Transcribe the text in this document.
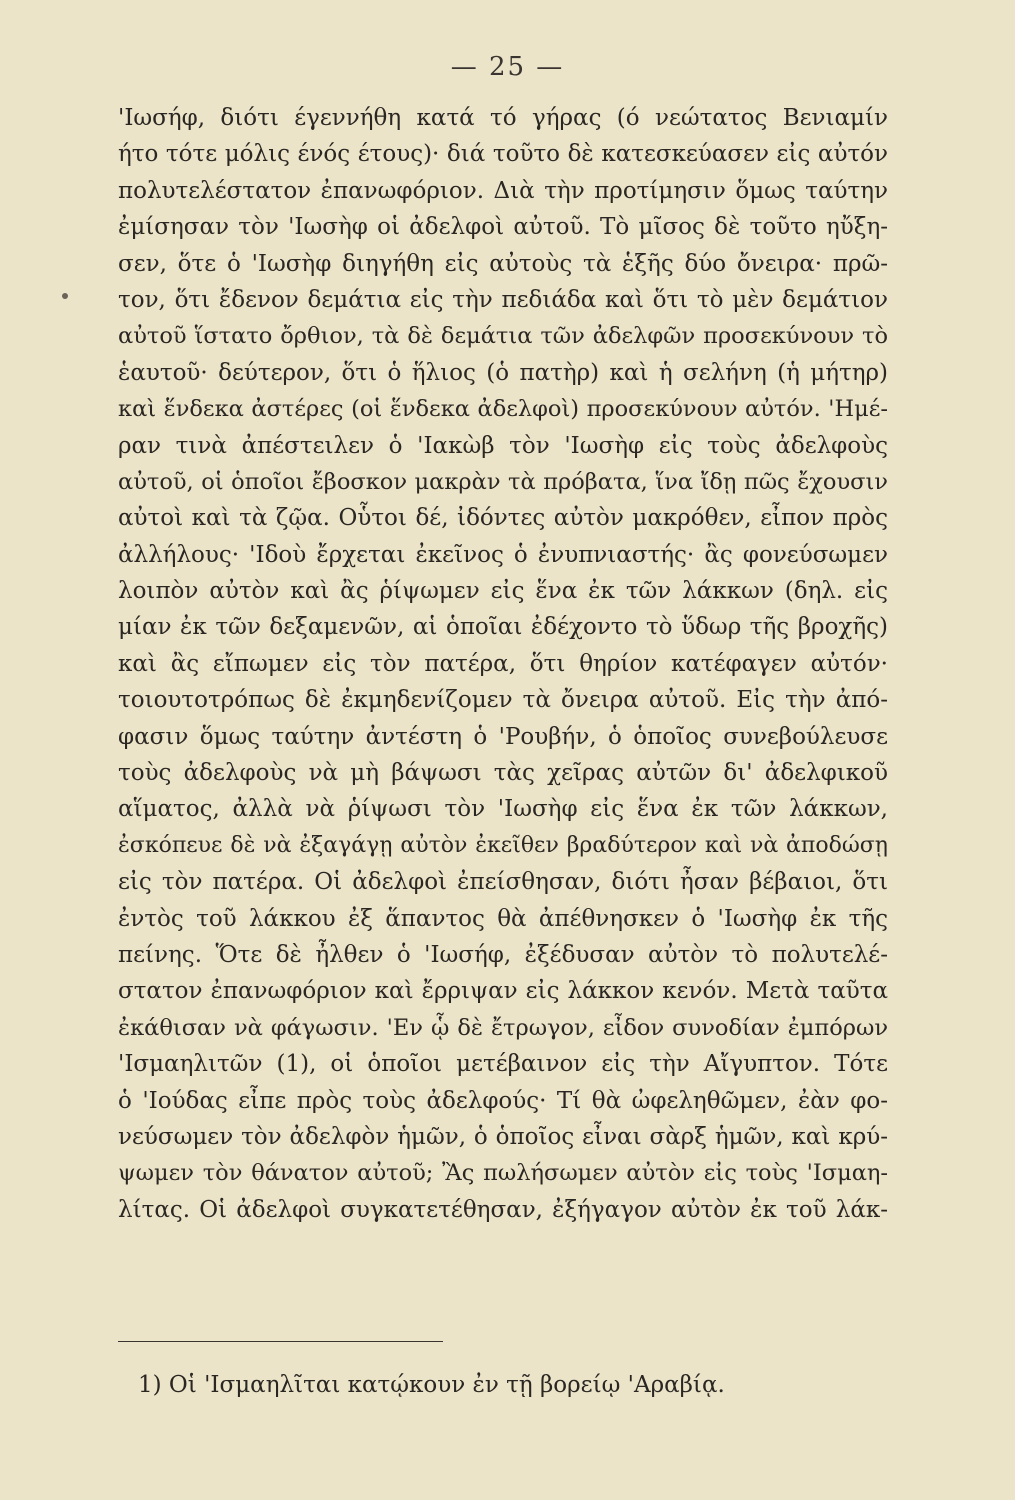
— 25 —
'Ιωσήφ, διότι έγεννήθη κατά τό γήρας (ό νεώτατος Βενιαμίν
ήτο τότε μόλις ένός έτους)· διά τοῦτο δὲ κατεσκεύασεν εἰς αὐτόν
πολυτελέστατον ἐπανωφόριον. Διὰ τὴν προτίμησιν ὅμως ταύτην
ἐμίσησαν τὸν 'Ιωσὴφ οἱ ἀδελφοὶ αὐτοῦ. Τὸ μῖσος δὲ τοῦτο ηὔξη-
σεν, ὅτε ὁ 'Ιωσὴφ διηγήθη εἰς αὐτοὺς τὰ ἑξῆς δύο ὄνειρα· πρῶ-
τον, ὅτι ἔδενον δεμάτια εἰς τὴν πεδιάδα καὶ ὅτι τὸ μὲν δεμάτιον
αὐτοῦ ἵστατο ὄρθιον, τὰ δὲ δεμάτια τῶν ἀδελφῶν προσεκύνουν τὸ
ἑαυτοῦ· δεύτερον, ὅτι ὁ ἥλιος (ὁ πατὴρ) καὶ ἡ σελήνη (ἡ μήτηρ)
καὶ ἕνδεκα ἀστέρες (οἱ ἕνδεκα ἀδελφοὶ) προσεκύνουν αὐτόν. 'Ημέ-
ραν τινὰ ἀπέστειλεν ὁ 'Ιακὼβ τὸν 'Ιωσὴφ εἰς τοὺς ἀδελφοὺς
αὐτοῦ, οἱ ὁποῖοι ἔβοσκον μακρὰν τὰ πρόβατα, ἵνα ἴδῃ πῶς ἔχουσιν
αὐτοὶ καὶ τὰ ζῷα. Οὗτοι δέ, ἰδόντες αὐτὸν μακρόθεν, εἶπον πρὸς
ἀλλήλους· 'Ιδοὺ ἔρχεται ἐκεῖνος ὁ ἐνυπνιαστής· ἂς φονεύσωμεν
λοιπὸν αὐτὸν καὶ ἂς ῥίψωμεν εἰς ἕνα ἐκ τῶν λάκκων (δηλ. εἰς
μίαν ἐκ τῶν δεξαμενῶν, αἱ ὁποῖαι ἐδέχοντο τὸ ὕδωρ τῆς βροχῆς)
καὶ ἂς εἴπωμεν εἰς τὸν πατέρα, ὅτι θηρίον κατέφαγεν αὐτόν·
τοιουτοτρόπως δὲ ἐκμηδενίζομεν τὰ ὄνειρα αὐτοῦ. Εἰς τὴν ἀπό-
φασιν ὅμως ταύτην ἀντέστη ὁ 'Ρουβήν, ὁ ὁποῖος συνεβούλευσε
τοὺς ἀδελφοὺς νὰ μὴ βάψωσι τὰς χεῖρας αὐτῶν δι' ἀδελφικοῦ
αἵματος, ἀλλὰ νὰ ῥίψωσι τὸν 'Ιωσὴφ εἰς ἕνα ἐκ τῶν λάκκων,
ἐσκόπευε δὲ νὰ ἐξαγάγῃ αὐτὸν ἐκεῖθεν βραδύτερον καὶ νὰ ἀποδώσῃ
εἰς τὸν πατέρα. Οἱ ἀδελφοὶ ἐπείσθησαν, διότι ἦσαν βέβαιοι, ὅτι
ἐντὸς τοῦ λάκκου ἐξ ἅπαντος θὰ ἀπέθνησκεν ὁ 'Ιωσὴφ ἐκ τῆς
πείνης. Ὅτε δὲ ἦλθεν ὁ 'Ιωσήφ, ἐξέδυσαν αὐτὸν τὸ πολυτελέ-
στατον ἐπανωφόριον καὶ ἔρριψαν εἰς λάκκον κενόν. Μετὰ ταῦτα
ἐκάθισαν νὰ φάγωσιν. 'Εν ᾧ δὲ ἔτρωγον, εἶδον συνοδίαν ἐμπόρων
'Ισμαηλιτῶν (1), οἱ ὁποῖοι μετέβαινον εἰς τὴν Αἴγυπτον. Τότε
ὁ 'Ιούδας εἶπε πρὸς τοὺς ἀδελφούς· Τί θὰ ὠφεληθῶμεν, ἐὰν φο-
νεύσωμεν τὸν ἀδελφὸν ἡμῶν, ὁ ὁποῖος εἶναι σὰρξ ἡμῶν, καὶ κρύ-
ψωμεν τὸν θάνατον αὐτοῦ; Ἂς πωλήσωμεν αὐτὸν εἰς τοὺς 'Ισμαη-
λίτας. Οἱ ἀδελφοὶ συγκατετέθησαν, ἐξήγαγον αὐτὸν ἐκ τοῦ λάκ-
1) Οἱ 'Ισμαηλῖται κατῴκουν ἐν τῇ βορείῳ 'Αραβίᾳ.
